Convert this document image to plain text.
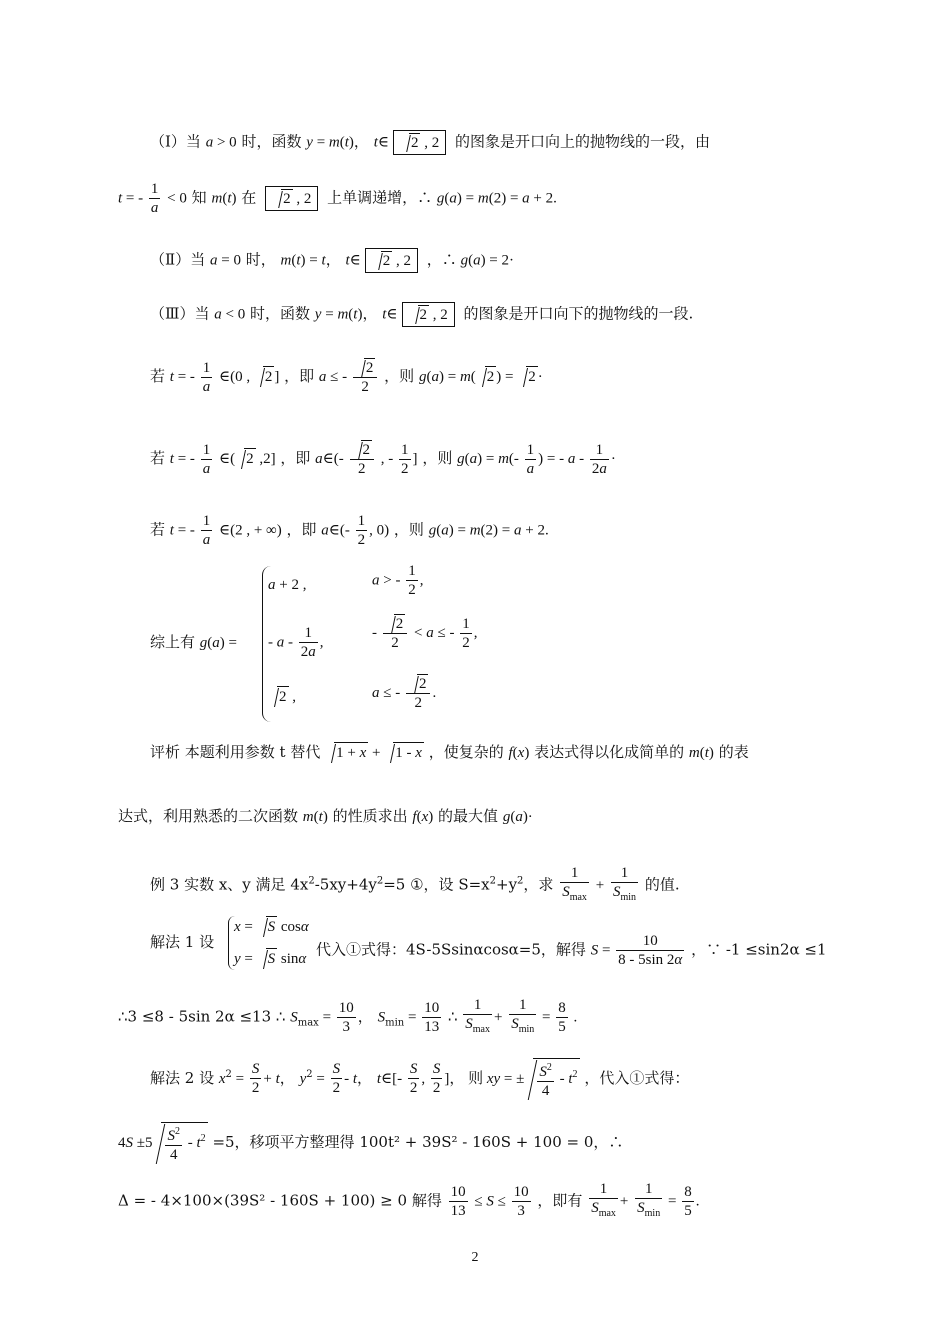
（Ⅰ）当 a > 0 时，函数 y = m(t)， t∈ 2 , 2 的图象是开口向上的抛物线的一段，由
t = - $\frac{1}{a} < 0$ 知 m(t) 在 2 , 2 上单调递增，∴ g(a) = m(2) = a + 2.
（Ⅱ）当 a = 0 时， m(t) = t， t∈ 2 , 2 ，∴ g(a) = 2·
（Ⅲ）当 a < 0 时，函数 y = m(t)， t∈ 2 , 2 的图象是开口向下的抛物线的一段.
若 t = - $\frac{1}{a}$ ∈(0 , 2 ] ，即 a ≤ - $\frac{2}{2}$ ，则 g(a) = m( 2 ) = 2 ·
若 t = - $\frac{1}{a}$ ∈( 2 ,2] ，即 a∈(- $\frac{2}{2}$ , - $\frac{1}{2}$ ] ，则 $g(a) = m(- \frac{1}{a}$ ) = - a - $\frac{1}{2a}$ ·
若 t = - $\frac{1}{a}$ ∈(2 , + ∞) ，即 a∈(- $\frac{1}{2}$ , 0) ，则 g(a) = m(2) = a + 2.
综上有 g(a) =
a + 2 ,	a > - $\frac{1}{2}$ ,
- a - $\frac{1}{2a}$ ,
- $\frac{2}{2} < a$ ≤ - $\frac{1}{2}$ ,
2 ,	a ≤ - $\frac{2}{2}$ .
评析 本题利用参数 t 替代 1 + x + 1 - x ，使复杂的 f(x) 表达式得以化成简单的 m(t) 的表
达式，利用熟悉的二次函数 m(t) 的性质求出 f(x) 的最大值 g(a)·
例 3 实数 x、y 满足 $4x^2-5xy+4y^2=5$ ①，设 $S=x^2+y^2$，求 $\frac{1}{S_{max}} + \frac{1}{S_{min}}$ 的值.
解法 1 设
x = S cosα
y = S sinα
代入①式得：4S-5Ssinαcosα=5，解得 $S = \frac{10}{8 - 5\sin 2\alpha}$ ，∵ -1 ≤sin2α ≤1
∴3 ≤8 - 5sin 2α ≤13 ∴ $S_{max} = \frac{10}{3}$ ， $S_{min} = \frac{10}{13}$ ∴ $\frac{1}{S_{max}} + \frac{1}{S_{min}} = \frac{8}{5}$ .
解法 2 设 $x^2 = \frac{S}{2} + t$， $y^2 = \frac{S}{2} - t$， t∈[- $\frac{S}{2}$ , $\frac{S}{2}$ ]， 则 xy = ± $\frac{S^2}{4} - t^2$ ，代入①式得：
$4S \pm 5 \frac{S^2}{4} - t^2 =5$，移项平方整理得 100t² + 39S² - 160S + 100 = 0，∴
Δ = - 4×100×(39S² - 160S + 100) ≥ 0 解得 $\frac{10}{13} \le S \le \frac{10}{3}$ ，即有 $\frac{1}{S_{max}} + \frac{1}{S_{min}} = \frac{8}{5}$ .
2
